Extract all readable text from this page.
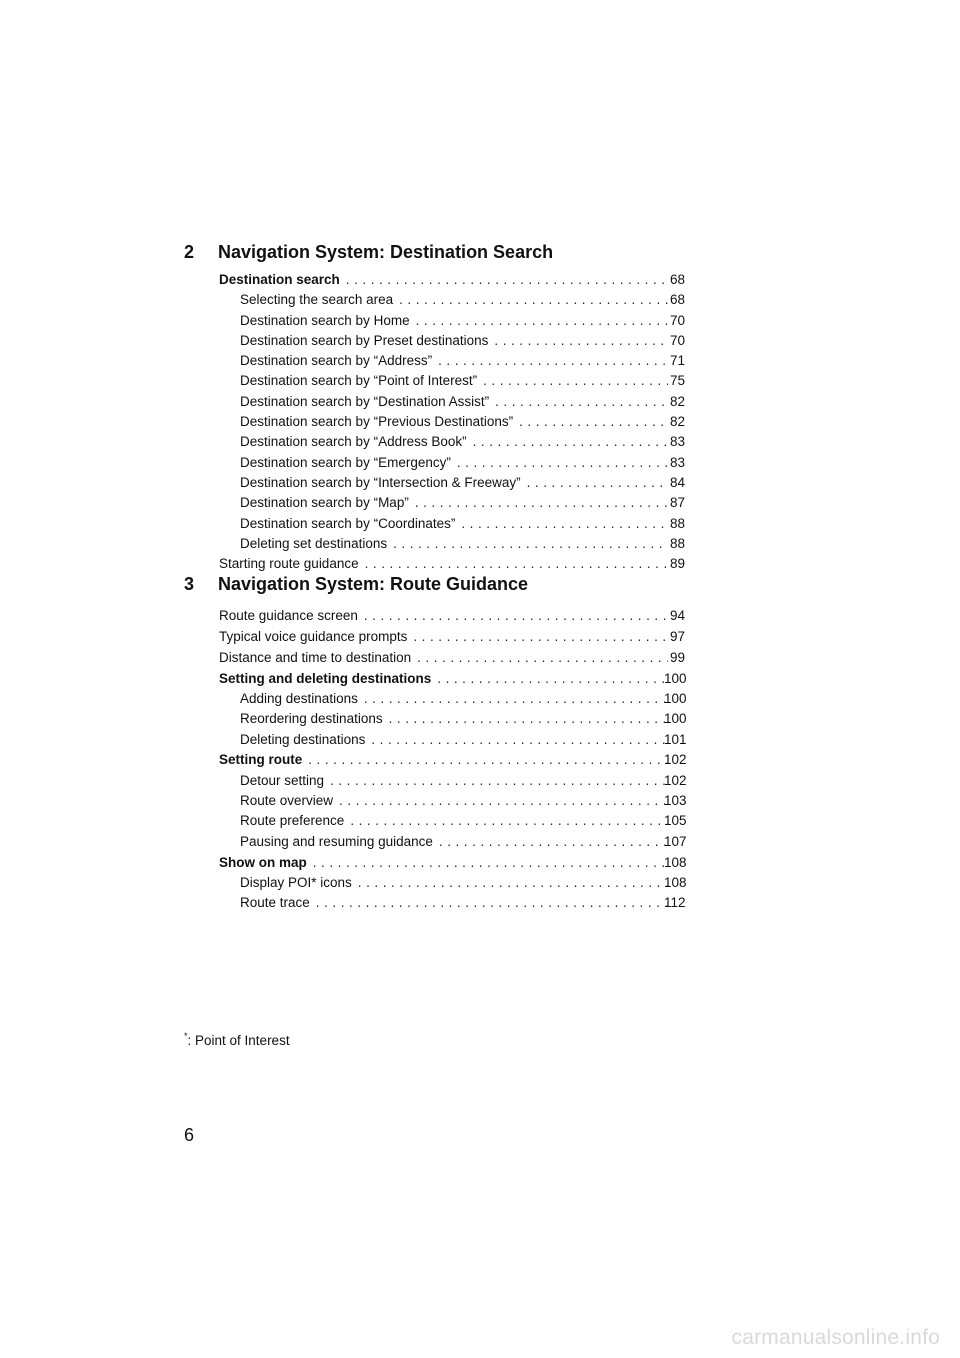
2 Navigation System: Destination Search
Destination search . . .	68
Selecting the search area . . .	68
Destination search by Home . . .	70
Destination search by Preset destinations . . .	70
Destination search by “Address” . . .	71
Destination search by “Point of Interest” . . .	75
Destination search by “Destination Assist” . . .	82
Destination search by “Previous Destinations” . . .	82
Destination search by “Address Book” . . .	83
Destination search by “Emergency” . . .	83
Destination search by “Intersection & Freeway” . . .	84
Destination search by “Map” . . .	87
Destination search by “Coordinates” . . .	88
Deleting set destinations . . .	88
Starting route guidance . . .	89
3 Navigation System: Route Guidance
Route guidance screen . . .	94
Typical voice guidance prompts . . .	97
Distance and time to destination . . .	99
Setting and deleting destinations . . .	100
Adding destinations . . .	100
Reordering destinations . . .	100
Deleting destinations . . .	101
Setting route . . .	102
Detour setting . . .	102
Route overview . . .	103
Route preference . . .	105
Pausing and resuming guidance . . .	107
Show on map . . .	108
Display POI* icons . . .	108
Route trace . . .	112
*: Point of Interest
6
carmanualsonline.info
